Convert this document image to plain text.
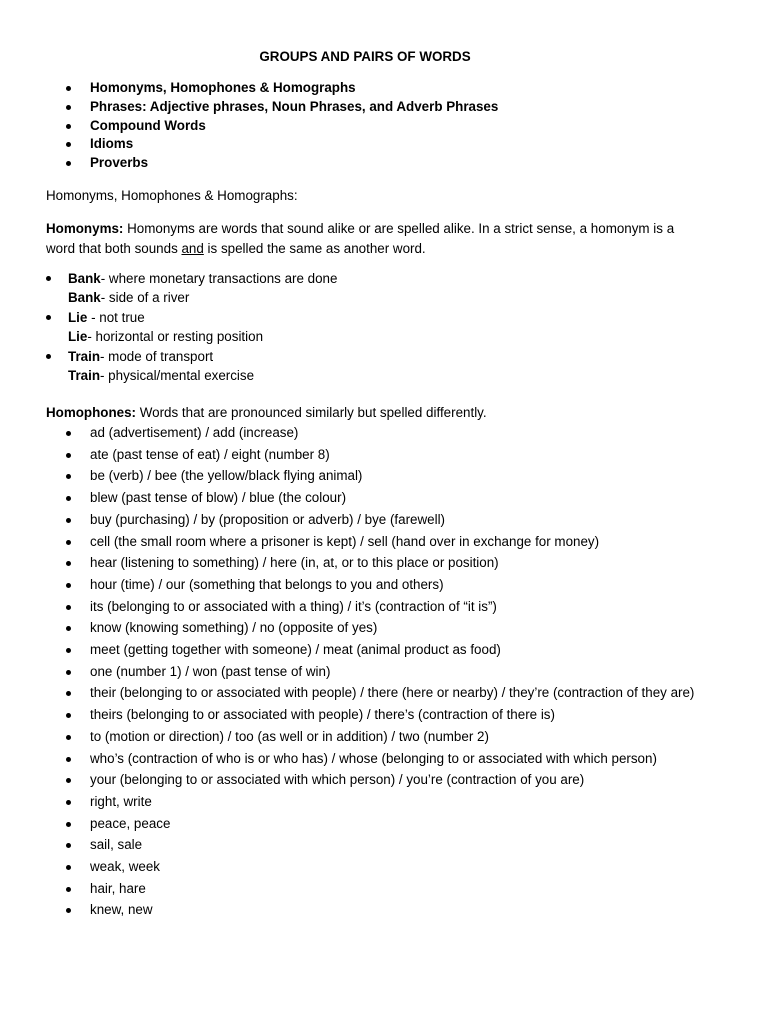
GROUPS AND PAIRS OF WORDS
Homonyms, Homophones & Homographs
Phrases: Adjective phrases, Noun Phrases, and Adverb Phrases
Compound Words
Idioms
Proverbs
Homonyms, Homophones & Homographs:
Homonyms: Homonyms are words that sound alike or are spelled alike. In a strict sense, a homonym is a word that both sounds and is spelled the same as another word.
Bank- where monetary transactions are done
Bank- side of a river
Lie - not true
Lie- horizontal or resting position
Train- mode of transport
Train- physical/mental exercise
Homophones: Words that are pronounced similarly but spelled differently.
ad (advertisement) / add (increase)
ate (past tense of eat) / eight (number 8)
be (verb) / bee (the yellow/black flying animal)
blew (past tense of blow) / blue (the colour)
buy (purchasing) / by (proposition or adverb) / bye (farewell)
cell (the small room where a prisoner is kept) / sell (hand over in exchange for money)
hear (listening to something) / here (in, at, or to this place or position)
hour (time) / our (something that belongs to you and others)
its (belonging to or associated with a thing) / it’s (contraction of “it is”)
know (knowing something) / no (opposite of yes)
meet (getting together with someone) / meat (animal product as food)
one (number 1) / won (past tense of win)
their (belonging to or associated with people) / there (here or nearby) / they’re (contraction of they are)
theirs (belonging to or associated with people) / there’s (contraction of there is)
to (motion or direction) / too (as well or in addition) / two (number 2)
who’s (contraction of who is or who has) / whose (belonging to or associated with which person)
your (belonging to or associated with which person) / you’re (contraction of you are)
right, write
peace, peace
sail, sale
weak, week
hair, hare
knew, new
